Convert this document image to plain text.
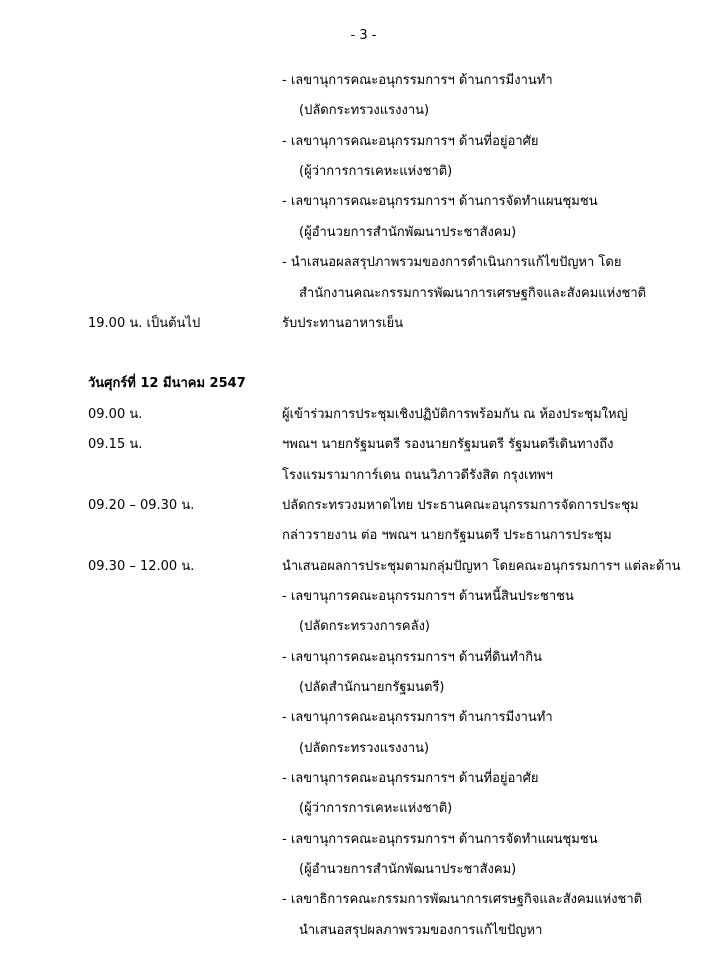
- 3 -
- เลขานุการคณะอนุกรรมการฯ ด้านการมีงานทำ
(ปลัดกระทรวงแรงงาน)
- เลขานุการคณะอนุกรรมการฯ ด้านที่อยู่อาศัย
(ผู้ว่าการการเคหะแห่งชาติ)
- เลขานุการคณะอนุกรรมการฯ ด้านการจัดทำแผนชุมชน
(ผู้อำนวยการสำนักพัฒนาประชาสังคม)
- นำเสนอผลสรุปภาพรวมของการดำเนินการแก้ไขปัญหา โดย
สำนักงานคณะกรรมการพัฒนาการเศรษฐกิจและสังคมแห่งชาติ
19.00 น. เป็นต้นไป	รับประทานอาหารเย็น
วันศุกร์ที่ 12 มีนาคม 2547
09.00 น.	ผู้เข้าร่วมการประชุมเชิงปฏิบัติการพร้อมกัน ณ ห้องประชุมใหญ่
09.15 น.	ฯพณฯ นายกรัฐมนตรี รองนายกรัฐมนตรี รัฐมนตรีเดินทางถึง
โรงแรมรามาการ์เดน ถนนวิภาวดีรังสิต กรุงเทพฯ
09.20 – 09.30 น.	ปลัดกระทรวงมหาดไทย ประธานคณะอนุกรรมการจัดการประชุม
กล่าวรายงาน ต่อ ฯพณฯ นายกรัฐมนตรี ประธานการประชุม
09.30 – 12.00 น.	นำเสนอผลการประชุมตามกลุ่มปัญหา โดยคณะอนุกรรมการฯ แต่ละด้าน
- เลขานุการคณะอนุกรรมการฯ ด้านหนี้สินประชาชน
(ปลัดกระทรวงการคลัง)
- เลขานุการคณะอนุกรรมการฯ ด้านที่ดินทำกิน
(ปลัดสำนักนายกรัฐมนตรี)
- เลขานุการคณะอนุกรรมการฯ ด้านการมีงานทำ
(ปลัดกระทรวงแรงงาน)
- เลขานุการคณะอนุกรรมการฯ ด้านที่อยู่อาศัย
(ผู้ว่าการการเคหะแห่งชาติ)
- เลขานุการคณะอนุกรรมการฯ ด้านการจัดทำแผนชุมชน
(ผู้อำนวยการสำนักพัฒนาประชาสังคม)
- เลขาธิการคณะกรรมการพัฒนาการเศรษฐกิจและสังคมแห่งชาติ
นำเสนอสรุปผลภาพรวมของการแก้ไขปัญหา
